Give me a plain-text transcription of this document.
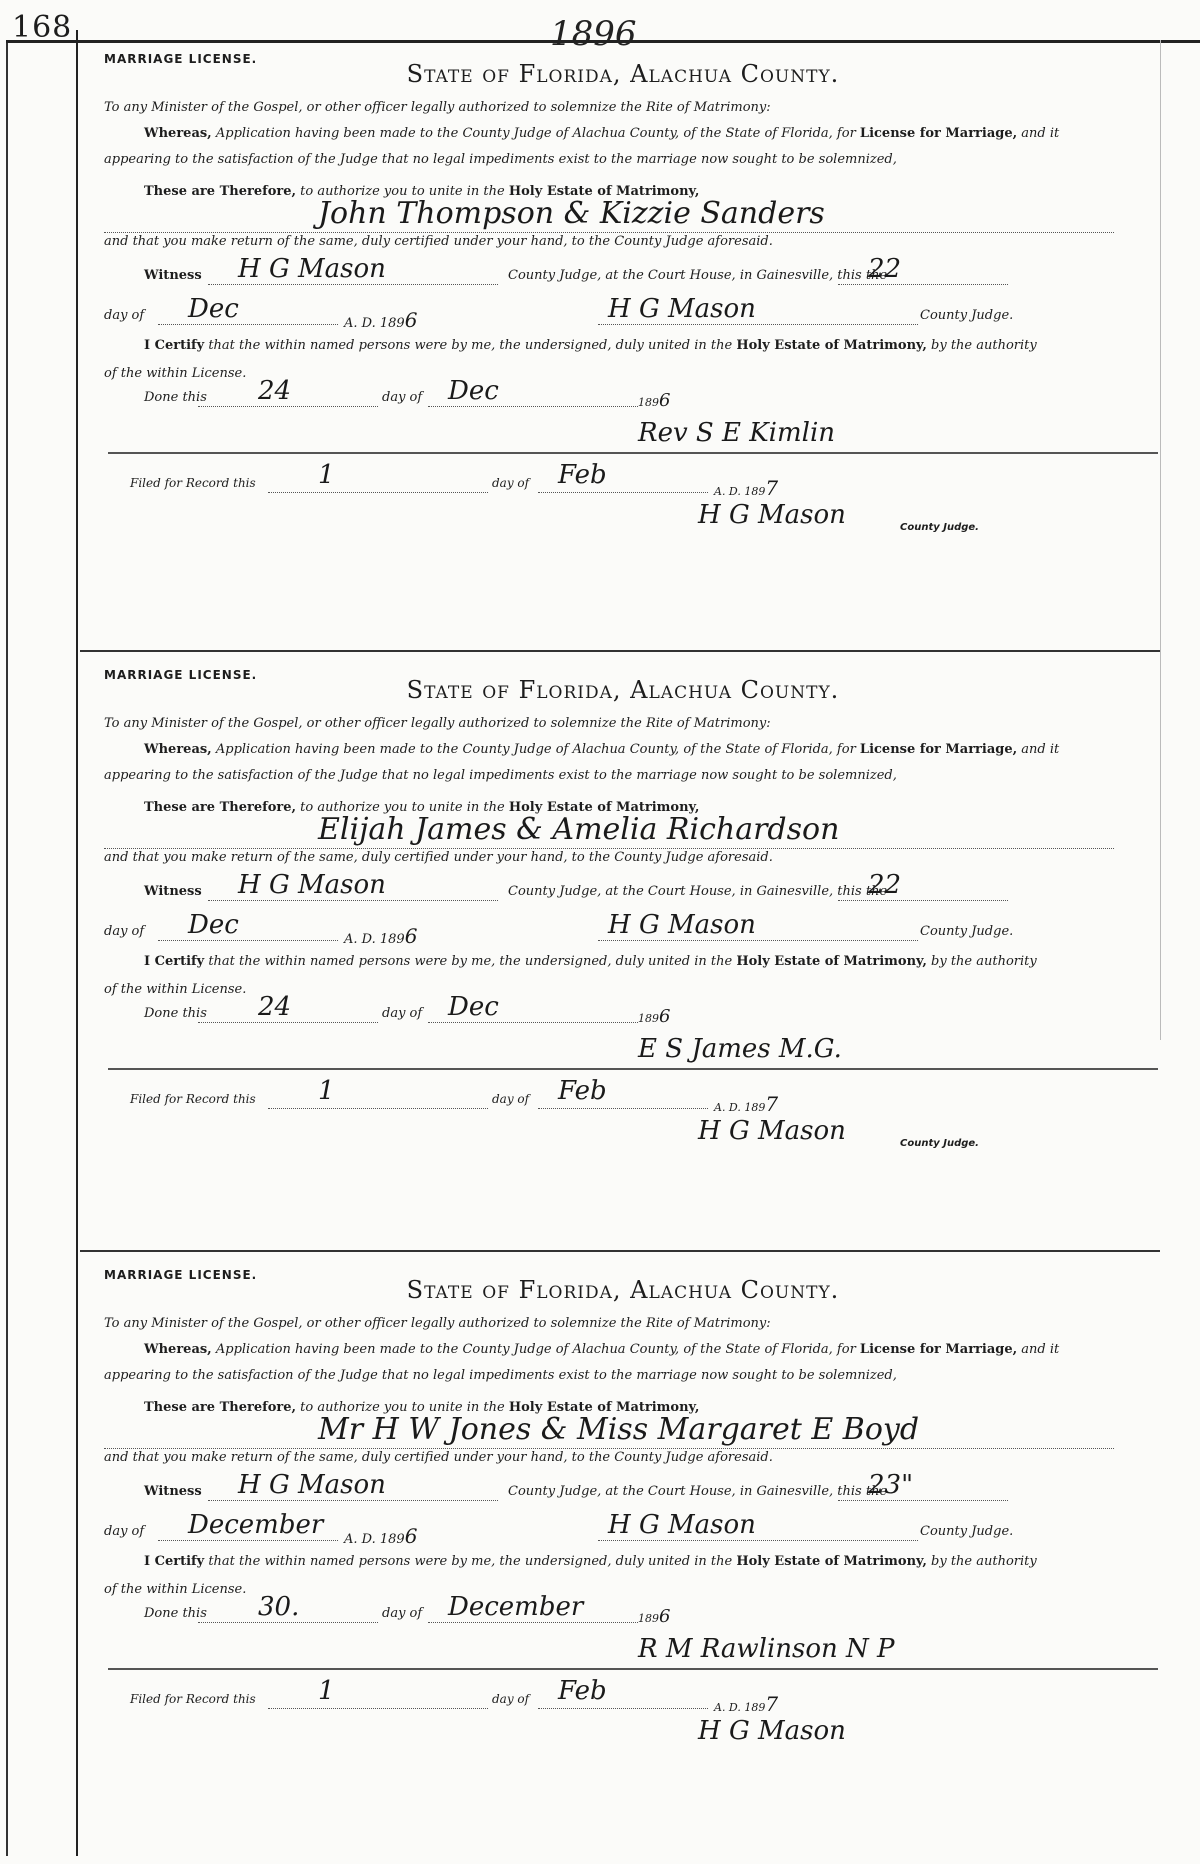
168	1896
MARRIAGE LICENSE.
State of Florida, Alachua County.
To any Minister of the Gospel, or other officer legally authorized to solemnize the Rite of Matrimony:
Whereas, Application having been made to the County Judge of Alachua County, of the State of Florida, for License for Marriage, and it
appearing to the satisfaction of the Judge that no legal impediments exist to the marriage now sought to be solemnized,
These are Therefore, to authorize you to unite in the Holy Estate of Matrimony,
John Thompson & Kizzie Sanders
and that you make return of the same, duly certified under your hand, to the County Judge aforesaid.
Witness H G Mason	County Judge, at the Court House, in Gainesville, this the
22
day of Dec	A. D. 1896	H G Mason	County Judge.
I Certify that the within named persons were by me, the undersigned, duly united in the Holy Estate of Matrimony, by the authority
of the within License.
Done this 24	day of Dec	1896
Rev S E Kimlin
Filed for Record this 1	day of Feb
A. D. 1897
H G Mason	County Judge.
MARRIAGE LICENSE.
State of Florida, Alachua County.
To any Minister of the Gospel, or other officer legally authorized to solemnize the Rite of Matrimony:
Whereas, Application having been made to the County Judge of Alachua County, of the State of Florida, for License for Marriage, and it
appearing to the satisfaction of the Judge that no legal impediments exist to the marriage now sought to be solemnized,
These are Therefore, to authorize you to unite in the Holy Estate of Matrimony,
Elijah James & Amelia Richardson
and that you make return of the same, duly certified under your hand, to the County Judge aforesaid.
Witness H G Mason	County Judge, at the Court House, in Gainesville, this the
22
day of Dec	A. D. 1896	H G Mason	County Judge.
I Certify that the within named persons were by me, the undersigned, duly united in the Holy Estate of Matrimony, by the authority
of the within License.
Done this 24	day of Dec	1896
E S James M.G.
Filed for Record this 1	day of Feb
A. D. 1897
H G Mason	County Judge.
MARRIAGE LICENSE.
State of Florida, Alachua County.
To any Minister of the Gospel, or other officer legally authorized to solemnize the Rite of Matrimony:
Whereas, Application having been made to the County Judge of Alachua County, of the State of Florida, for License for Marriage, and it
appearing to the satisfaction of the Judge that no legal impediments exist to the marriage now sought to be solemnized,
These are Therefore, to authorize you to unite in the Holy Estate of Matrimony,
Mr H W Jones & Miss Margaret E Boyd
and that you make return of the same, duly certified under your hand, to the County Judge aforesaid.
Witness H G Mason	County Judge, at the Court House, in Gainesville, this the
23"
day of December A. D. 1896	H G Mason	County Judge.
I Certify that the within named persons were by me, the undersigned, duly united in the Holy Estate of Matrimony, by the authority
of the within License.
Done this 30.	day of December	1896
R M Rawlinson N P
Filed for Record this 1	day of Feb
A. D. 1897
H G Mason
